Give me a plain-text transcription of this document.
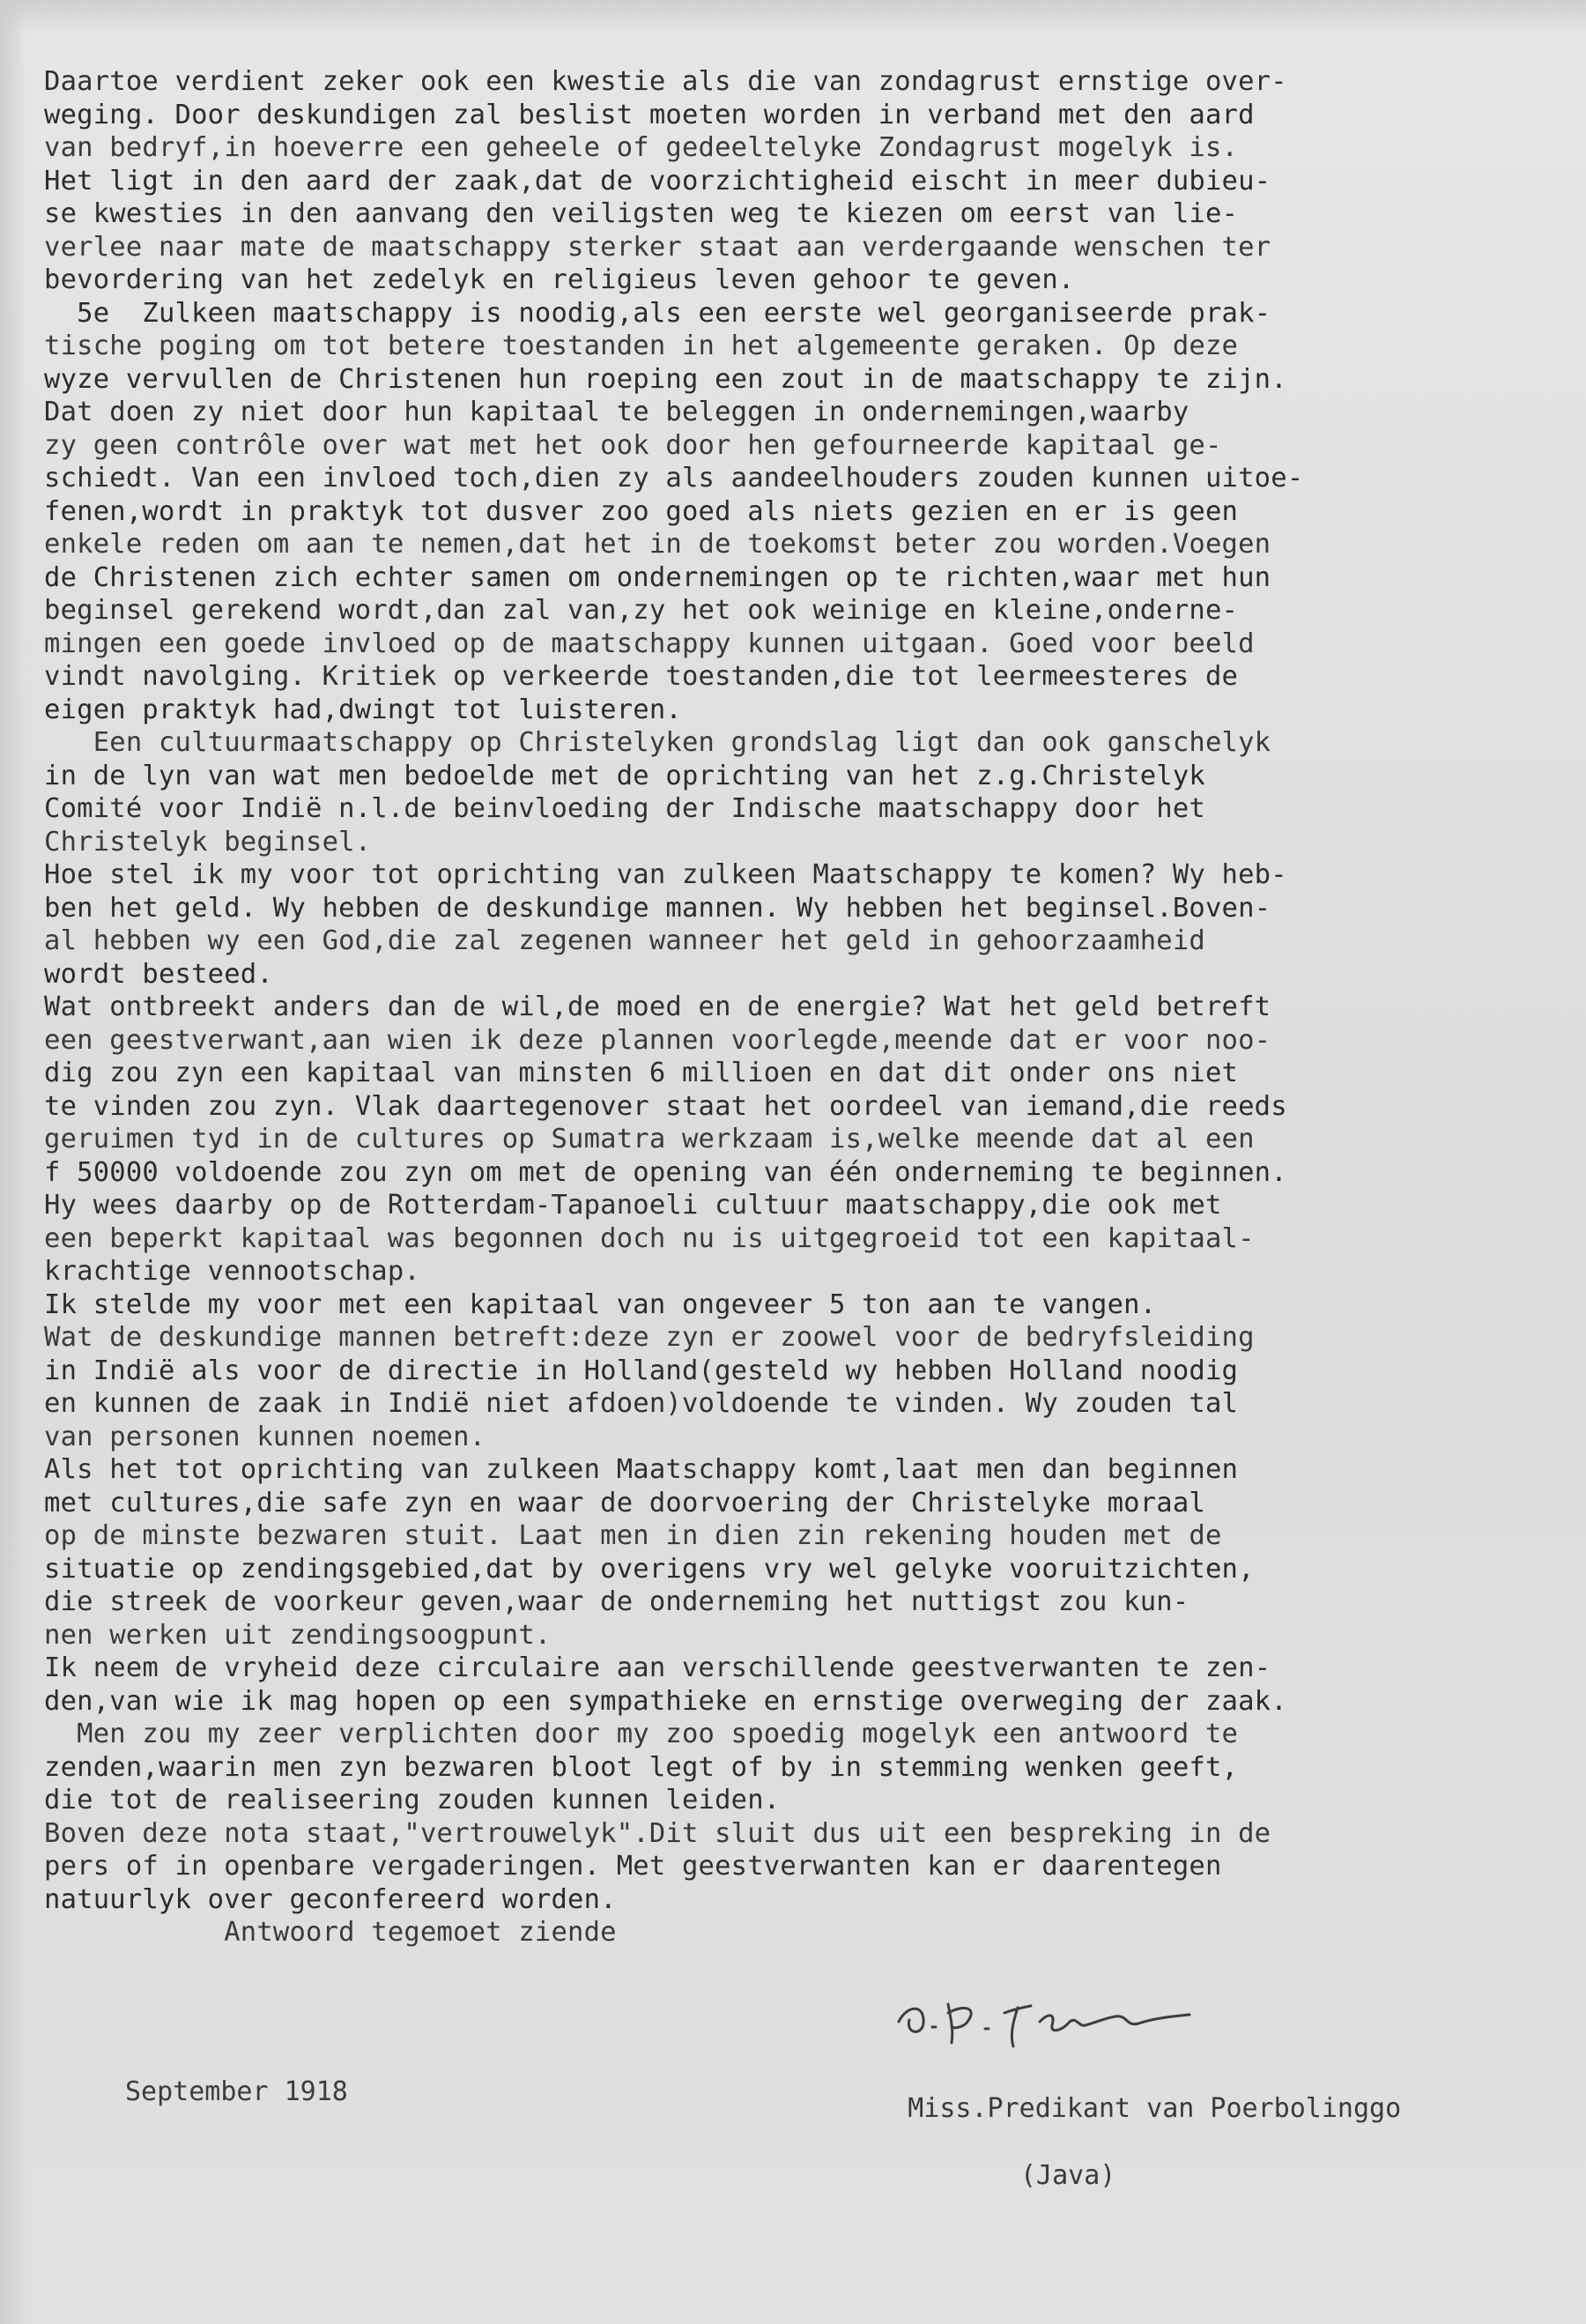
Daartoe verdient zeker ook een kwestie als die van zondagrust ernstige over-
weging. Door deskundigen zal beslist moeten worden in verband met den aard
van bedryf,in hoeverre een geheele of gedeeltelyke Zondagrust mogelyk is.
Het ligt in den aard der zaak,dat de voorzichtigheid eischt in meer dubieu-
se kwesties in den aanvang den veiligsten weg te kiezen om eerst van lie-
verlee naar mate de maatschappy sterker staat aan verdergaande wenschen ter
bevordering van het zedelyk en religieus leven gehoor te geven.
5e  Zulkeen maatschappy is noodig,als een eerste wel georganiseerde prak-
tische poging om tot betere toestanden in het algemeente geraken. Op deze
wyze vervullen de Christenen hun roeping een zout in de maatschappy te zijn.
Dat doen zy niet door hun kapitaal te beleggen in ondernemingen,waarby
zy geen contrôle over wat met het ook door hen gefourneerde kapitaal ge-
schiedt. Van een invloed toch,dien zy als aandeelhouders zouden kunnen uitoe-
fenen,wordt in praktyk tot dusver zoo goed als niets gezien en er is geen
enkele reden om aan te nemen,dat het in de toekomst beter zou worden.Voegen
de Christenen zich echter samen om ondernemingen op te richten,waar met hun
beginsel gerekend wordt,dan zal van,zy het ook weinige en kleine,onderne-
mingen een goede invloed op de maatschappy kunnen uitgaan. Goed voor beeld
vindt navolging. Kritiek op verkeerde toestanden,die tot leermeesteres de
eigen praktyk had,dwingt tot luisteren.
Een cultuurmaatschappy op Christelyken grondslag ligt dan ook ganschelyk
in de lyn van wat men bedoelde met de oprichting van het z.g.Christelyk
Comité voor Indië n.l.de beinvloeding der Indische maatschappy door het
Christelyk beginsel.
Hoe stel ik my voor tot oprichting van zulkeen Maatschappy te komen? Wy heb-
ben het geld. Wy hebben de deskundige mannen. Wy hebben het beginsel.Boven-
al hebben wy een God,die zal zegenen wanneer het geld in gehoorzaamheid
wordt besteed.
Wat ontbreekt anders dan de wil,de moed en de energie? Wat het geld betreft
een geestverwant,aan wien ik deze plannen voorlegde,meende dat er voor noo-
dig zou zyn een kapitaal van minsten 6 millioen en dat dit onder ons niet
te vinden zou zyn. Vlak daartegenover staat het oordeel van iemand,die reeds
geruimen tyd in de cultures op Sumatra werkzaam is,welke meende dat al een
f 50000 voldoende zou zyn om met de opening van één onderneming te beginnen.
Hy wees daarby op de Rotterdam-Tapanoeli cultuur maatschappy,die ook met
een beperkt kapitaal was begonnen doch nu is uitgegroeid tot een kapitaal-
krachtige vennootschap.
Ik stelde my voor met een kapitaal van ongeveer 5 ton aan te vangen.
Wat de deskundige mannen betreft:deze zyn er zoowel voor de bedryfsleiding
in Indië als voor de directie in Holland(gesteld wy hebben Holland noodig
en kunnen de zaak in Indië niet afdoen)voldoende te vinden. Wy zouden tal
van personen kunnen noemen.
Als het tot oprichting van zulkeen Maatschappy komt,laat men dan beginnen
met cultures,die safe zyn en waar de doorvoering der Christelyke moraal
op de minste bezwaren stuit. Laat men in dien zin rekening houden met de
situatie op zendingsgebied,dat by overigens vry wel gelyke vooruitzichten,
die streek de voorkeur geven,waar de onderneming het nuttigst zou kun-
nen werken uit zendingsoogpunt.
Ik neem de vryheid deze circulaire aan verschillende geestverwanten te zen-
den,van wie ik mag hopen op een sympathieke en ernstige overweging der zaak.
Men zou my zeer verplichten door my zoo spoedig mogelyk een antwoord te
zenden,waarin men zyn bezwaren bloot legt of by in stemming wenken geeft,
die tot de realiseering zouden kunnen leiden.
Boven deze nota staat,"vertrouwelyk".Dit sluit dus uit een bespreking in de
pers of in openbare vergaderingen. Met geestverwanten kan er daarentegen
natuurlyk over geconfereerd worden.
Antwoord tegemoet ziende
September 1918

Miss.Predikant van Poerbolinggo

(Java)
